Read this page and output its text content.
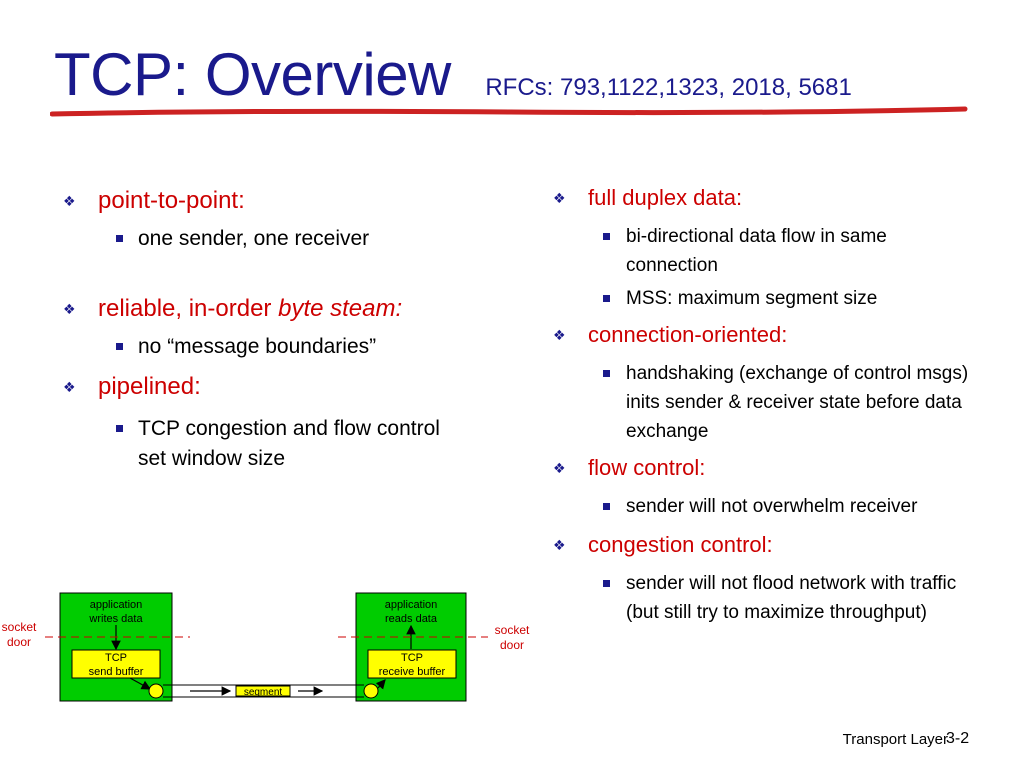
TCP: Overview RFCs: 793,1122,1323, 2018, 5681
❖ point-to-point:
one sender, one receiver
❖ reliable, in-order byte steam:
no “message boundaries”
❖ pipelined:
TCP congestion and flow control set window size
❖ full duplex data:
bi-directional data flow in same connection
MSS: maximum segment size
❖ connection-oriented:
handshaking (exchange of control msgs) inits sender & receiver state before data exchange
❖ flow control:
sender will not overwhelm receiver
❖ congestion control:
sender will not flood network with traffic (but still try to maximize throughput)
application
writes data
TCP
send buffer
socket
door
application
reads data
TCP
receive buffer
socket
door
segment
Transport Layer
3-2
